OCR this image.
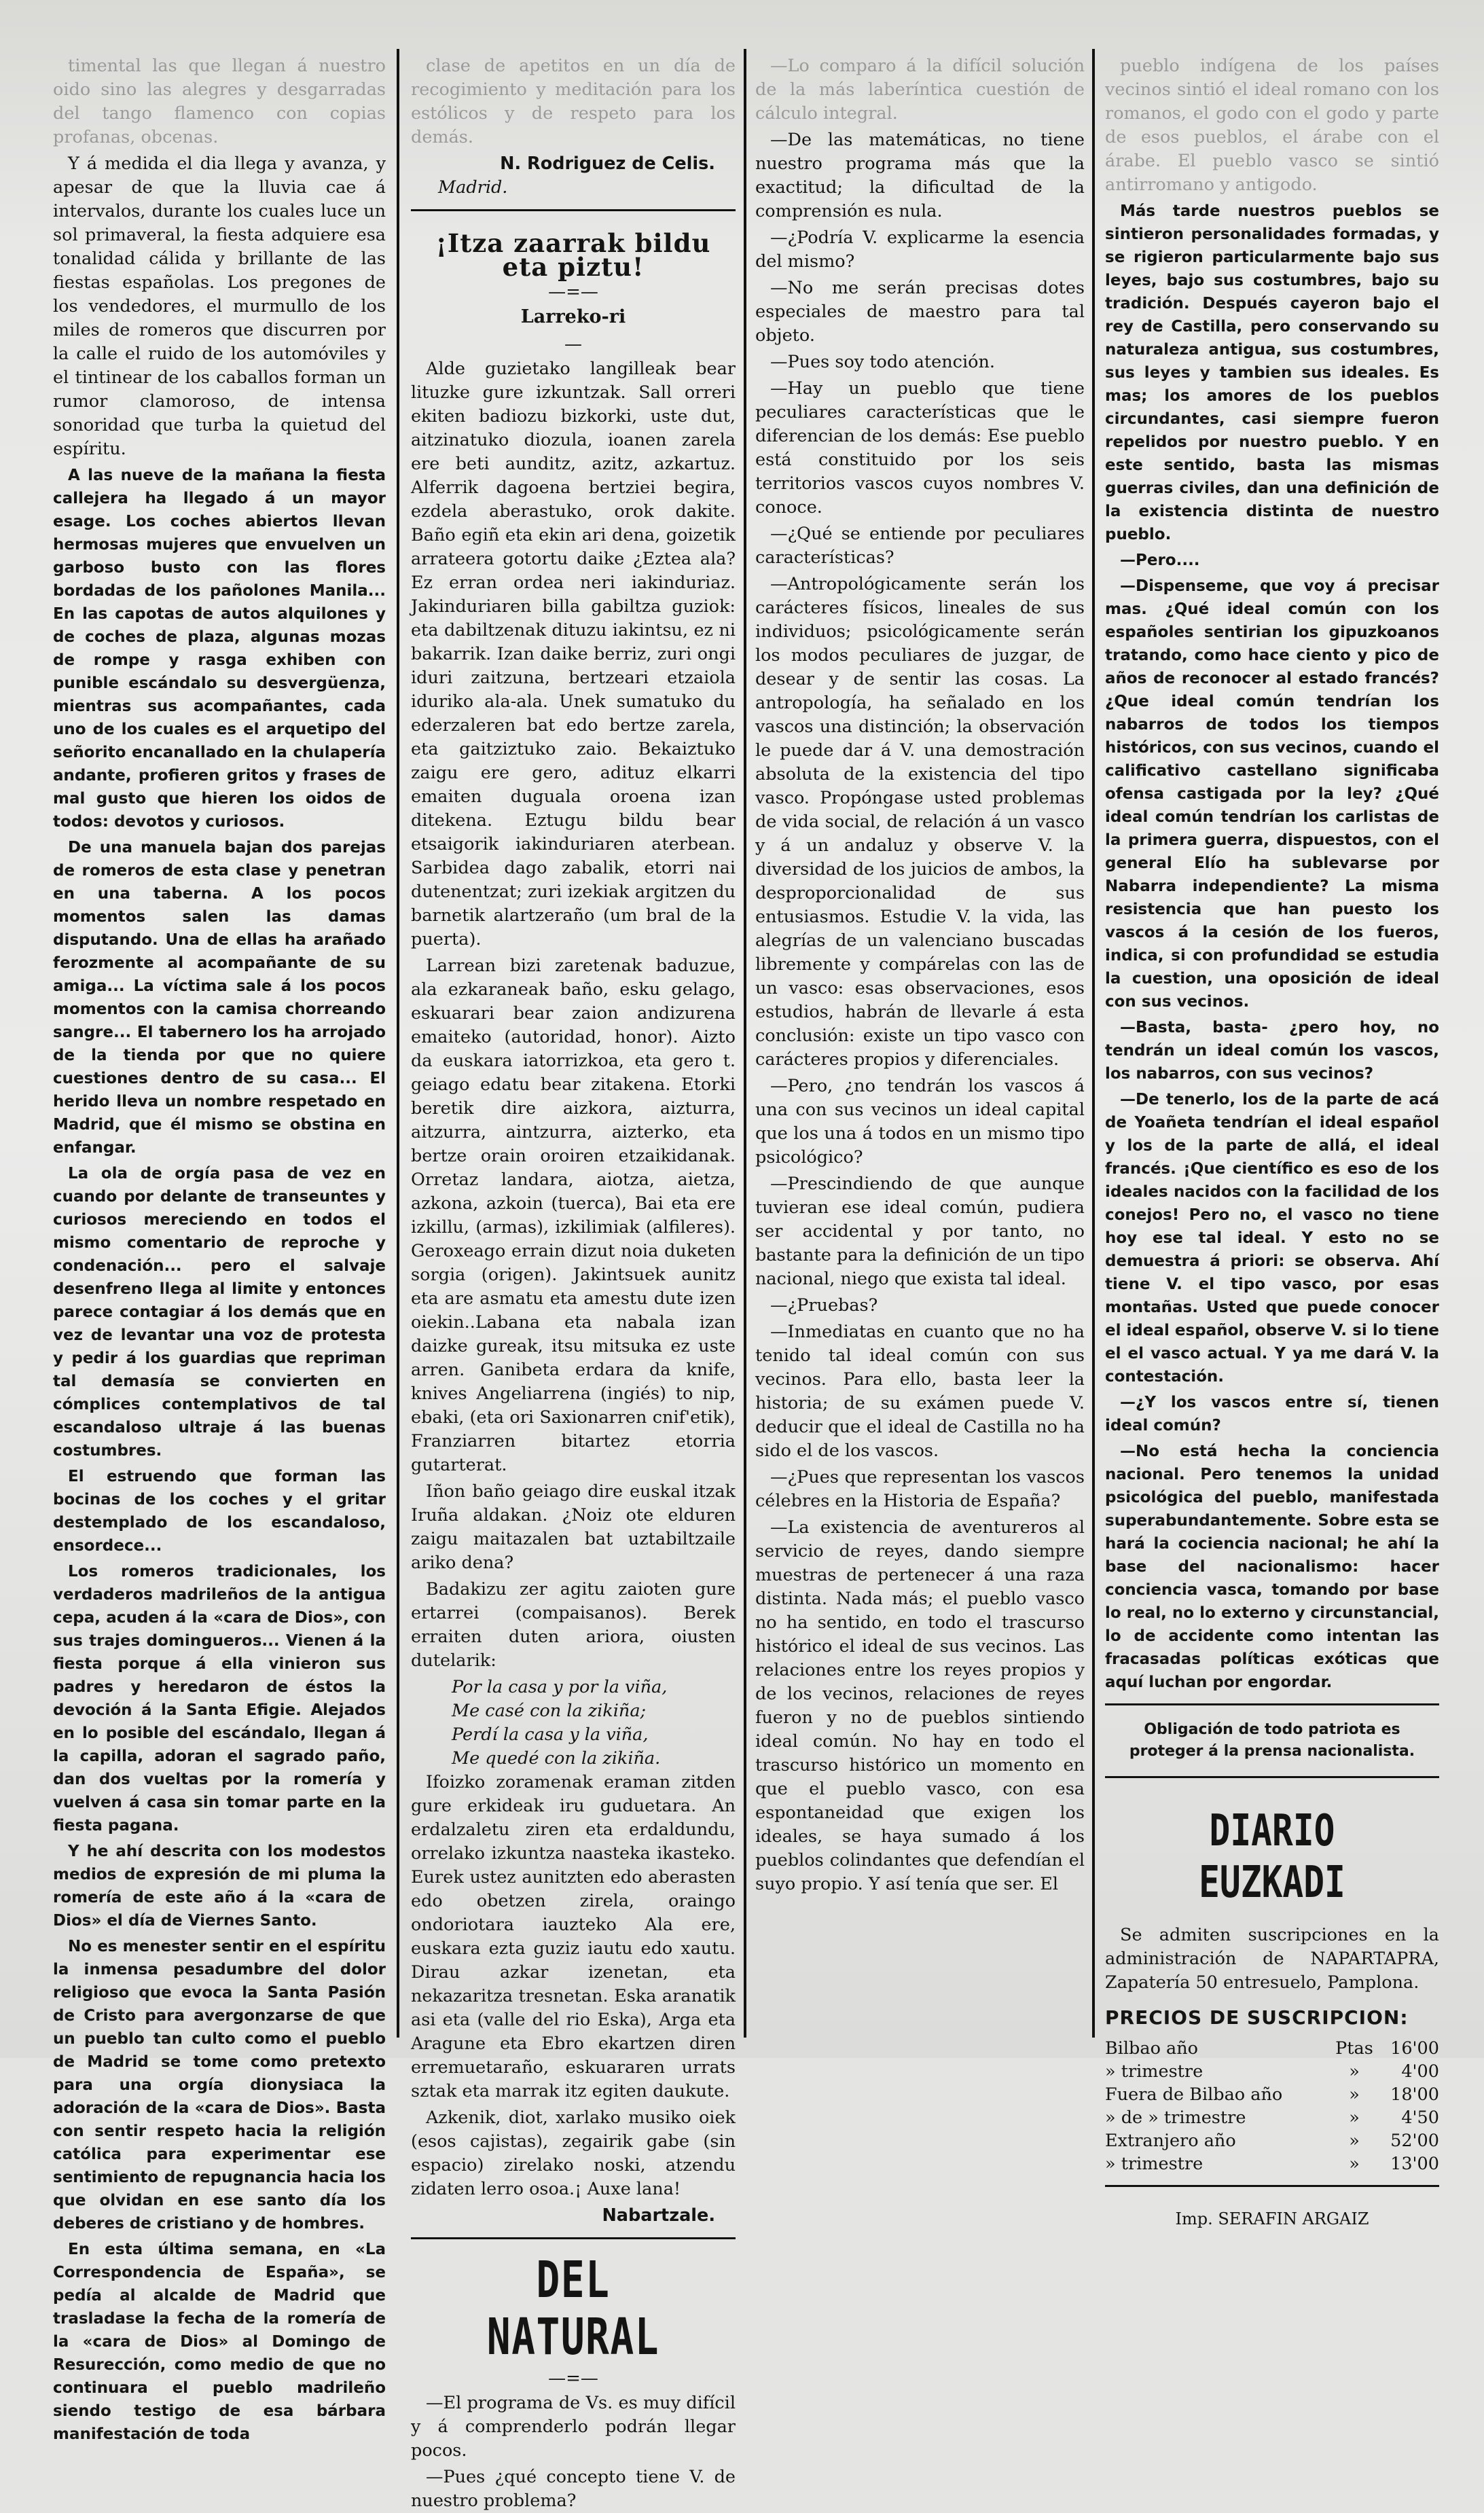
timental las que llegan á nuestro oido sino las alegres y desgarradas del tango flamenco con copias profanas, obcenas.

Y á medida el dia llega y avanza, y apesar de que la lluvia cae á intervalos, durante los cuales luce un sol primaveral, la fiesta adquiere esa tonalidad cálida y brillante de las fiestas españolas. Los pregones de los vendedores, el murmullo de los miles de romeros que discurren por la calle el ruido de los automóviles y el tintinear de los caballos forman un rumor clamoroso, de intensa sonoridad que turba la quietud del espíritu.

A las nueve de la mañana la fiesta callejera ha llegado á un mayor esage. Los coches abiertos llevan hermosas mujeres que envuelven un garboso busto con las flores bordadas de los pañolones Manila... En las capotas de autos alquilones y de coches de plaza, algunas mozas de rompe y rasga exhiben con punible escándalo su desvergüenza, mientras sus acompañantes, cada uno de los cuales es el arquetipo del señorito encanallado en la chulapería andante, profieren gritos y frases de mal gusto que hieren los oidos de todos: devotos y curiosos.

De una manuela bajan dos parejas de romeros de esta clase y penetran en una taberna. A los pocos momentos salen las damas disputando. Una de ellas ha arañado ferozmente al acompañante de su amiga... La víctima sale á los pocos momentos con la camisa chorreando sangre... El tabernero los ha arrojado de la tienda por que no quiere cuestiones dentro de su casa... El herido lleva un nombre respetado en Madrid, que él mismo se obstina en enfangar.

La ola de orgía pasa de vez en cuando por delante de transeuntes y curiosos mereciendo en todos el mismo comentario de reproche y condenación... pero el salvaje desenfreno llega al limite y entonces parece contagiar á los demás que en vez de levantar una voz de protesta y pedir á los guardias que repriman tal demasía se convierten en cómplices contemplativos de tal escandaloso ultraje á las buenas costumbres.

El estruendo que forman las bocinas de los coches y el gritar destemplado de los escandaloso, ensordece...

Los romeros tradicionales, los verdaderos madrileños de la antigua cepa, acuden á la «cara de Dios», con sus trajes domingueros... Vienen á la fiesta porque á ella vinieron sus padres y heredaron de éstos la devoción á la Santa Efigie. Alejados en lo posible del escándalo, llegan á la capilla, adoran el sagrado paño, dan dos vueltas por la romería y vuelven á casa sin tomar parte en la fiesta pagana.

Y he ahí descrita con los modestos medios de expresión de mi pluma la romería de este año á la «cara de Dios» el día de Viernes Santo.

No es menester sentir en el espíritu la inmensa pesadumbre del dolor religioso que evoca la Santa Pasión de Cristo para avergonzarse de que un pueblo tan culto como el pueblo de Madrid se tome como pretexto para una orgía dionysiaca la adoración de la «cara de Dios». Basta con sentir respeto hacia la religión católica para experimentar ese sentimiento de repugnancia hacia los que olvidan en ese santo día los deberes de cristiano y de hombres.

En esta última semana, en «La Correspondencia de España», se pedía al alcalde de Madrid que trasladase la fecha de la romería de la «cara de Dios» al Domingo de Resurección, como medio de que no continuara el pueblo madrileño siendo testigo de esa bárbara manifestación de toda

clase de apetitos en un día de recogimiento y meditación para los estólicos y de respeto para los demás.

N. Rodriguez de Celis.
Madrid.
¡Itza zaarrak bildu eta piztu!
—=—
Larreko-ri
—

Alde guzietako langilleak bear lituzke gure izkuntzak. Sall orreri ekiten badiozu bizkorki, uste dut, aitzinatuko diozula, ioanen zarela ere beti aunditz, azitz, azkartuz. Alferrik dagoena bertziei begira, ezdela aberastuko, orok dakite. Baño egiñ eta ekin ari dena, goizetik arrateera gotortu daike ¿Eztea ala? Ez erran ordea neri iakinduriaz. Jakinduriaren billa gabiltza guziok: eta dabiltzenak dituzu iakintsu, ez ni bakarrik. Izan daike berriz, zuri ongi iduri zaitzuna, bertzeari etzaiola iduriko ala-ala. Unek sumatuko du ederzaleren bat edo bertze zarela, eta gaitziztuko zaio. Bekaiztuko zaigu ere gero, adituz elkarri emaiten duguala oroena izan ditekena. Eztugu bildu bear etsaigorik iakinduriaren aterbean. Sarbidea dago zabalik, etorri nai dutenentzat; zuri izekiak argitzen du barnetik alartzeraño (um bral de la puerta).

Larrean bizi zaretenak baduzue, ala ezkaraneak baño, esku gelago, eskuarari bear zaion andizurena emaiteko (autoridad, honor). Aizto da euskara iatorrizkoa, eta gero t. geiago edatu bear zitakena. Etorki beretik dire aizkora, aizturra, aitzurra, aintzurra, aizterko, eta bertze orain oroiren etzaikidanak. Orretaz landara, aiotza, aietza, azkona, azkoin (tuerca), Bai eta ere izkillu, (armas), izkilimiak (alfileres). Geroxeago errain dizut noia duketen sorgia (origen). Jakintsuek aunitz eta are asmatu eta amestu dute izen oiekin..Labana eta nabala izan daizke gureak, itsu mitsuka ez uste arren. Ganibeta erdara da knife, knives Angeliarrena (ingiés) to nip, ebaki, (eta ori Saxionarren cnif'etik), Franziarren bitartez etorria gutarterat.

Iñon baño geiago dire euskal itzak Iruña aldakan. ¿Noiz ote elduren zaigu maitazalen bat uztabiltzaile ariko dena?

Badakizu zer agitu zaioten gure ertarrei (compaisanos). Berek erraiten duten ariora, oiusten dutelarik:

Por la casa y por la viña,
Me casé con la zikiña;
Perdí la casa y la viña,
Me quedé con la zikiña.

Ifoizko zoramenak eraman zitden gure erkideak iru guduetara. An erdalzaletu ziren eta erdaldundu, orrelako izkuntza naasteka ikasteko. Eurek ustez aunitzten edo aberasten edo obetzen zirela, oraingo ondoriotara iauzteko Ala ere, euskara ezta guziz iautu edo xautu. Dirau azkar izenetan, eta nekazaritza tresnetan. Eska aranatik asi eta (valle del rio Eska), Arga eta Aragune eta Ebro ekartzen diren erremuetaraño, eskuararen urrats sztak eta marrak itz egiten daukute.

Azkenik, diot, xarlako musiko oiek (esos cajistas), zegairik gabe (sin espacio) zirelako noski, atzendu zidaten lerro osoa.¡ Auxe lana!

Nabartzale.
DEL NATURAL
—=—

—El programa de Vs. es muy difícil y á comprenderlo podrán llegar pocos.

—Pues ¿qué concepto tiene V. de nuestro problema?

—Lo comparo á la difícil solución de la más laberíntica cuestión de cálculo integral.

—De las matemáticas, no tiene nuestro programa más que la exactitud; la dificultad de la comprensión es nula.

—¿Podría V. explicarme la esencia del mismo?

—No me serán precisas dotes especiales de maestro para tal objeto.

—Pues soy todo atención.

—Hay un pueblo que tiene peculiares características que le diferencian de los demás: Ese pueblo está constituido por los seis territorios vascos cuyos nombres V. conoce.

—¿Qué se entiende por peculiares características?

—Antropológicamente serán los carácteres físicos, lineales de sus individuos; psicológicamente serán los modos peculiares de juzgar, de desear y de sentir las cosas. La antropología, ha señalado en los vascos una distinción; la observación le puede dar á V. una demostración absoluta de la existencia del tipo vasco. Propóngase usted problemas de vida social, de relación á un vasco y á un andaluz y observe V. la diversidad de los juicios de ambos, la desproporcionalidad de sus entusiasmos. Estudie V. la vida, las alegrías de un valenciano buscadas libremente y compárelas con las de un vasco: esas observaciones, esos estudios, habrán de llevarle á esta conclusión: existe un tipo vasco con carácteres propios y diferenciales.

—Pero, ¿no tendrán los vascos á una con sus vecinos un ideal capital que los una á todos en un mismo tipo psicológico?

—Prescindiendo de que aunque tuvieran ese ideal común, pudiera ser accidental y por tanto, no bastante para la definición de un tipo nacional, niego que exista tal ideal.

—¿Pruebas?

—Inmediatas en cuanto que no ha tenido tal ideal común con sus vecinos. Para ello, basta leer la historia; de su exámen puede V. deducir que el ideal de Castilla no ha sido el de los vascos.

—¿Pues que representan los vascos célebres en la Historia de España?

—La existencia de aventureros al servicio de reyes, dando siempre muestras de pertenecer á una raza distinta. Nada más; el pueblo vasco no ha sentido, en todo el trascurso histórico el ideal de sus vecinos. Las relaciones entre los reyes propios y de los vecinos, relaciones de reyes fueron y no de pueblos sintiendo ideal común. No hay en todo el trascurso histórico un momento en que el pueblo vasco, con esa espontaneidad que exigen los ideales, se haya sumado á los pueblos colindantes que defendían el suyo propio. Y así tenía que ser. El

pueblo indígena de los países vecinos sintió el ideal romano con los romanos, el godo con el godo y parte de esos pueblos, el árabe con el árabe. El pueblo vasco se sintió antirromano y antigodo.

Más tarde nuestros pueblos se sintieron personalidades formadas, y se rigieron particularmente bajo sus leyes, bajo sus costumbres, bajo su tradición. Después cayeron bajo el rey de Castilla, pero conservando su naturaleza antigua, sus costumbres, sus leyes y tambien sus ideales. Es mas; los amores de los pueblos circundantes, casi siempre fueron repelidos por nuestro pueblo. Y en este sentido, basta las mismas guerras civiles, dan una definición de la existencia distinta de nuestro pueblo.

—Pero....

—Dispenseme, que voy á precisar mas. ¿Qué ideal común con los españoles sentirian los gipuzkoanos tratando, como hace ciento y pico de años de reconocer al estado francés? ¿Que ideal común tendrían los nabarros de todos los tiempos históricos, con sus vecinos, cuando el calificativo castellano significaba ofensa castigada por la ley? ¿Qué ideal común tendrían los carlistas de la primera guerra, dispuestos, con el general Elío ha sublevarse por Nabarra independiente? La misma resistencia que han puesto los vascos á la cesión de los fueros, indica, si con profundidad se estudia la cuestion, una oposición de ideal con sus vecinos.

—Basta, basta- ¿pero hoy, no tendrán un ideal común los vascos, los nabarros, con sus vecinos?

—De tenerlo, los de la parte de acá de Yoañeta tendrían el ideal español y los de la parte de allá, el ideal francés. ¡Que científico es eso de los ideales nacidos con la facilidad de los conejos! Pero no, el vasco no tiene hoy ese tal ideal. Y esto no se demuestra á priori: se observa. Ahí tiene V. el tipo vasco, por esas montañas. Usted que puede conocer el ideal español, observe V. si lo tiene el el vasco actual. Y ya me dará V. la contestación.

—¿Y los vascos entre sí, tienen ideal común?

—No está hecha la conciencia nacional. Pero tenemos la unidad psicológica del pueblo, manifestada superabundantemente. Sobre esta se hará la cociencia nacional; he ahí la base del nacionalismo: hacer conciencia vasca, tomando por base lo real, no lo externo y circunstancial, lo de accidente como intentan las fracasadas políticas exóticas que aquí luchan por engordar.

Obligación de todo patriota es proteger á la prensa nacionalista.
DIARIO EUZKADI

Se admiten suscripciones en la administración de NAPARTAPRA, Zapatería 50 entresuelo, Pamplona.

PRECIOS DE SUSCRIPCION:
Bilbao año	Ptas	16'00
» trimestre	»	4'00
Fuera de Bilbao año	»	18'00
» de » trimestre	»	4'50
Extranjero año	»	52'00
» trimestre	»	13'00
Imp. SERAFIN ARGAIZ
